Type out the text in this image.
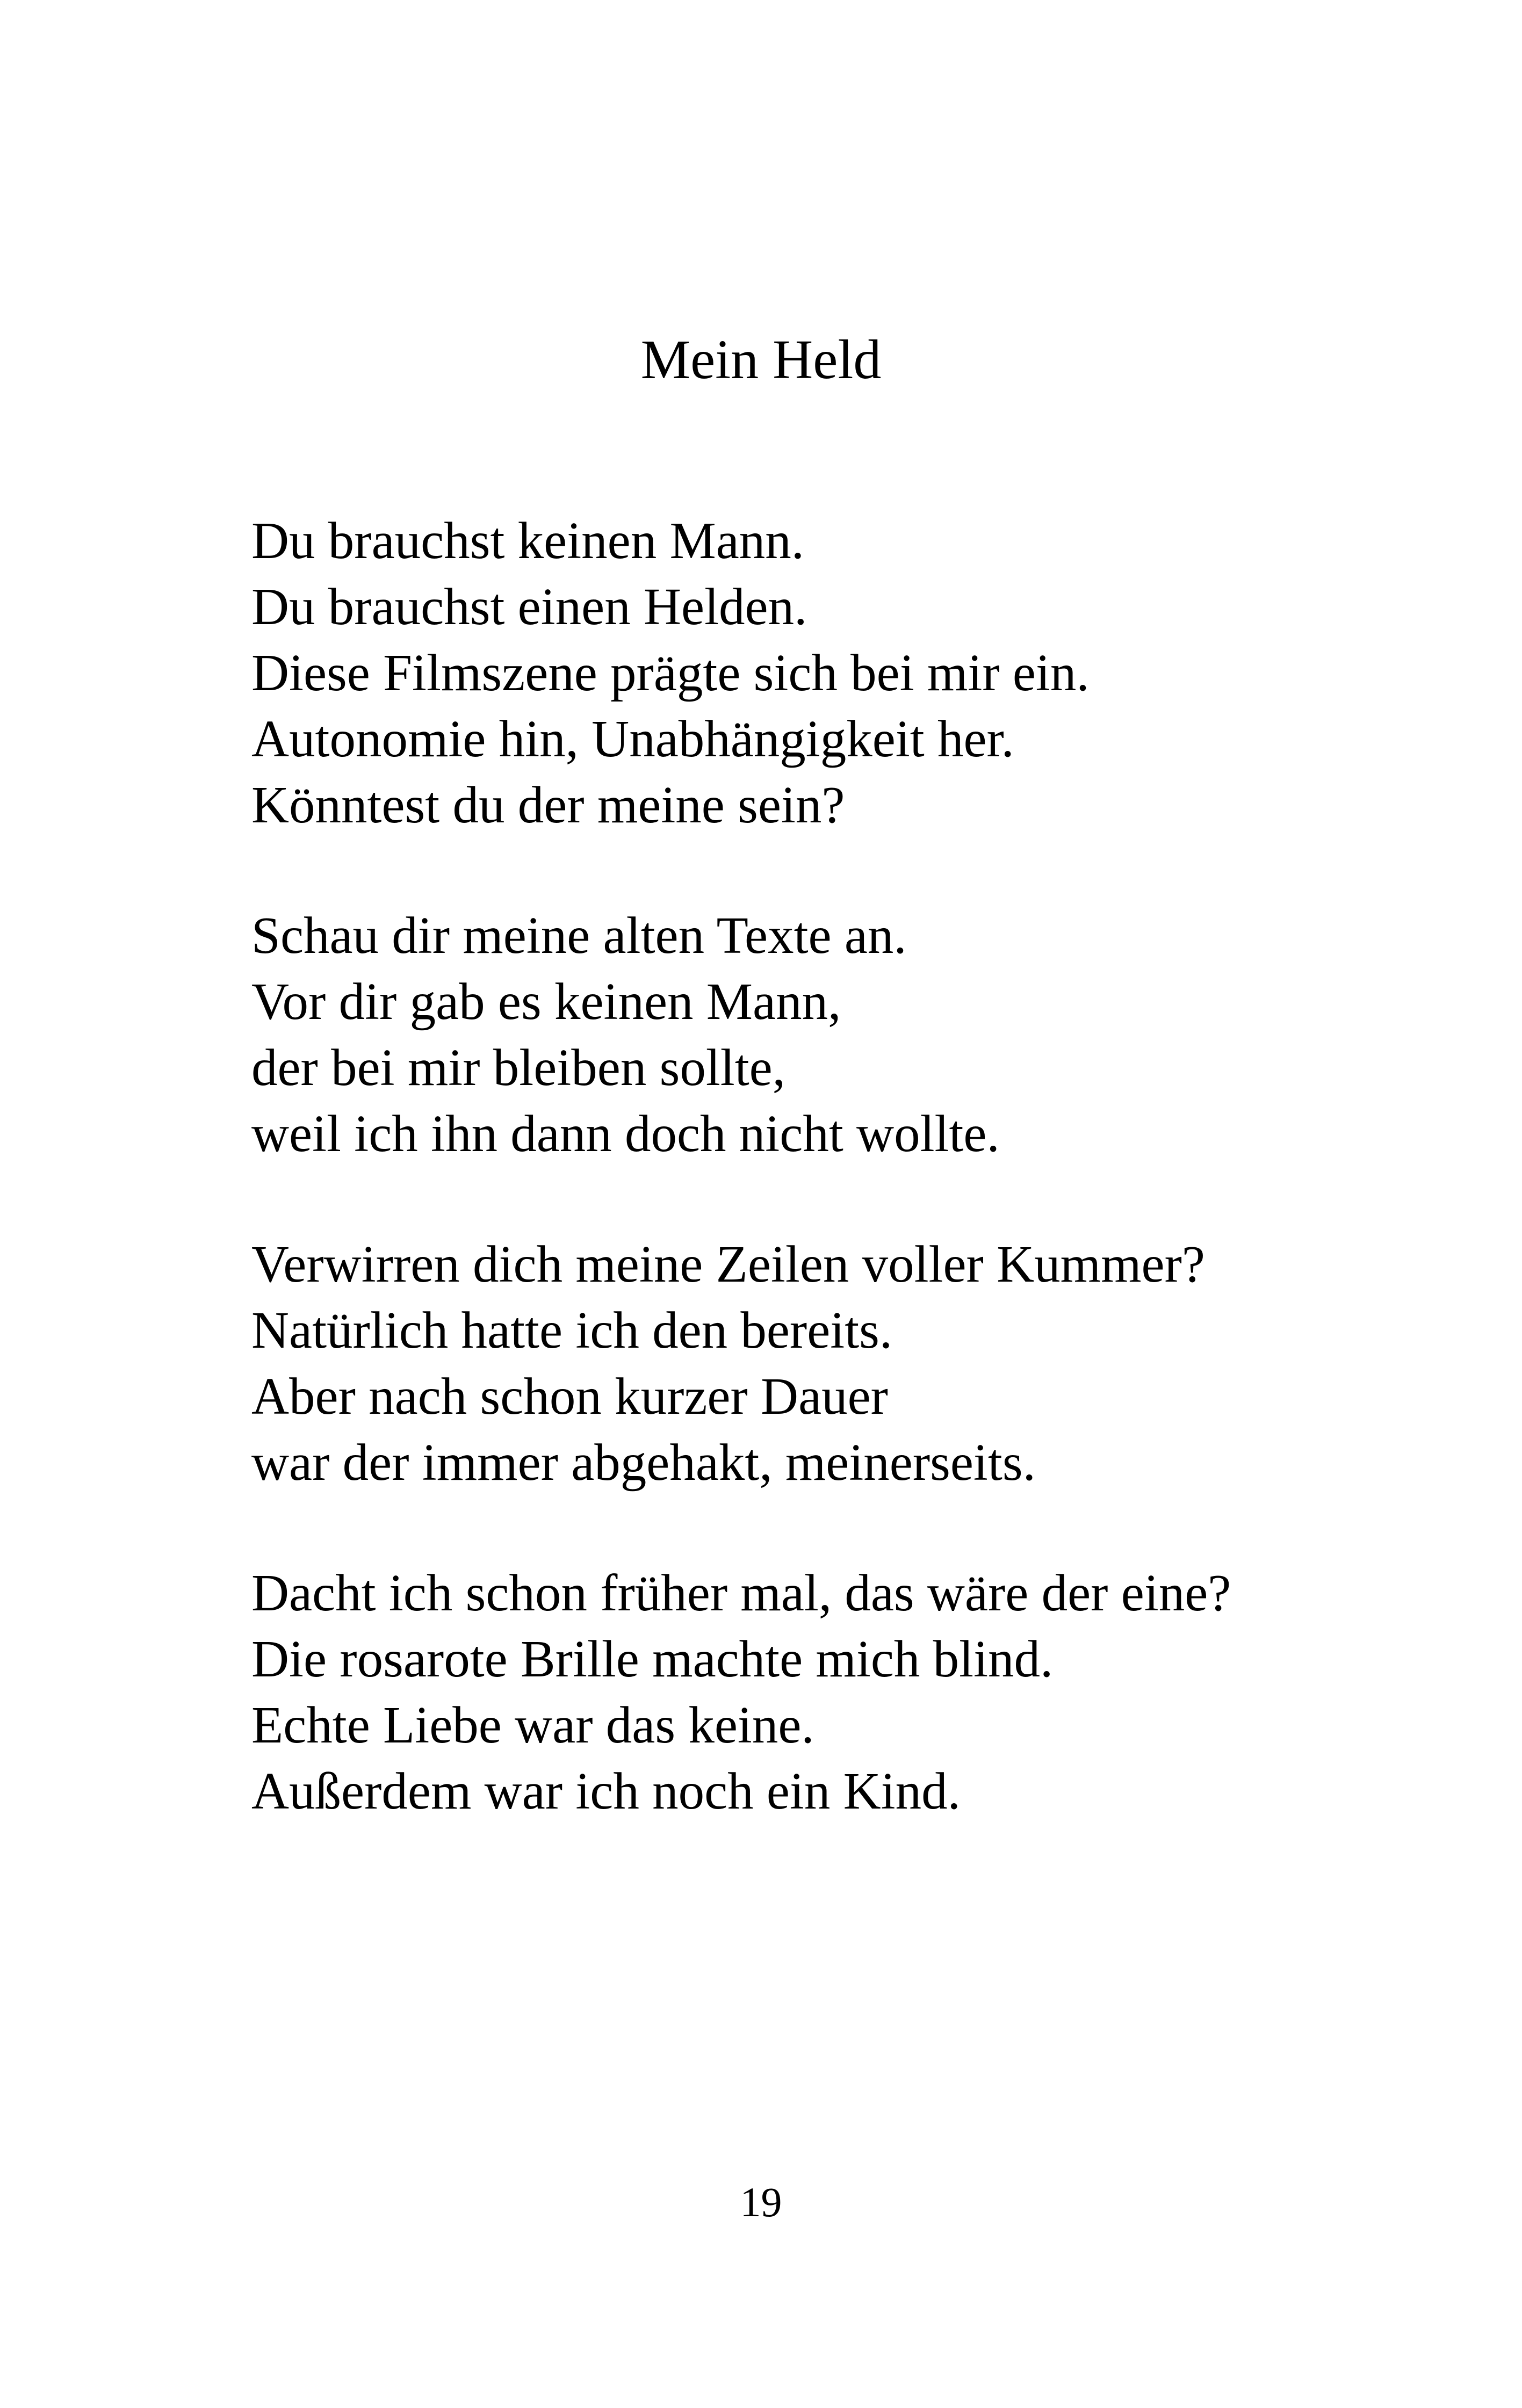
Mein Held
Du brauchst keinen Mann.
Du brauchst einen Helden.
Diese Filmszene prägte sich bei mir ein.
Autonomie hin, Unabhängigkeit her.
Könntest du der meine sein?
Schau dir meine alten Texte an.
Vor dir gab es keinen Mann,
der bei mir bleiben sollte,
weil ich ihn dann doch nicht wollte.
Verwirren dich meine Zeilen voller Kummer?
Natürlich hatte ich den bereits.
Aber nach schon kurzer Dauer
war der immer abgehakt, meinerseits.
Dacht ich schon früher mal, das wäre der eine?
Die rosarote Brille machte mich blind.
Echte Liebe war das keine.
Außerdem war ich noch ein Kind.
19
